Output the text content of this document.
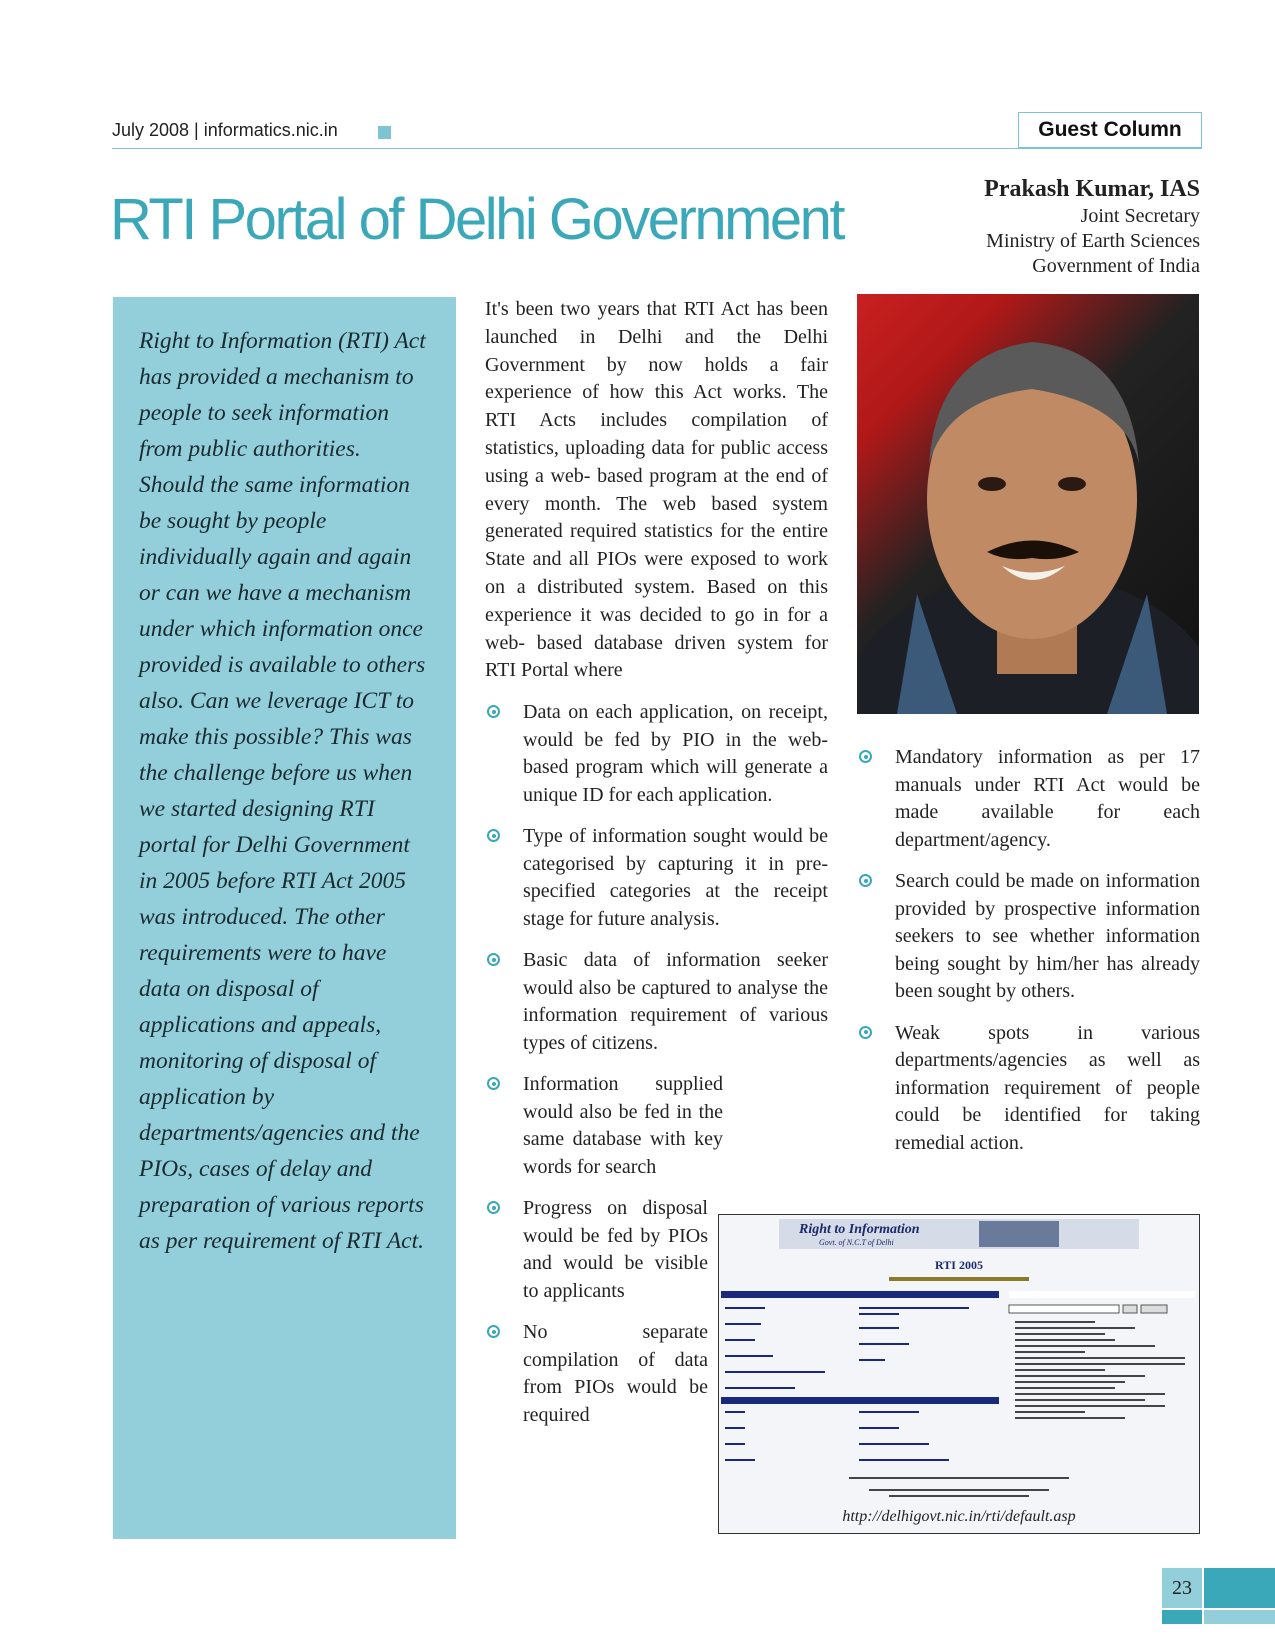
July 2008 | informatics.nic.in	Guest Column
RTI Portal of Delhi Government	Prakash Kumar, IAS
Joint Secretary
Ministry of Earth Sciences
Government of India

Right to Information (RTI) Act has provided a mechanism to people to seek information from public authorities. Should the same information be sought by people individually again and again or can we have a mechanism under which information once provided is available to others also. Can we leverage ICT to make this possible? This was the challenge before us when we started designing RTI portal for Delhi Government in 2005 before RTI Act 2005 was introduced. The other requirements were to have data on disposal of applications and appeals, monitoring of disposal of application by departments/agencies and the PIOs, cases of delay and preparation of various reports as per requirement of RTI Act.

It's been two years that RTI Act has been launched in Delhi and the Delhi Government by now holds a fair experience of how this Act works. The RTI Acts includes compilation of statistics, uploading data for public access using a web- based program at the end of every month. The web based system generated required statistics for the entire State and all PIOs were exposed to work on a distributed system. Based on this experience it was decided to go in for a web- based database driven system for RTI Portal where

Data on each application, on receipt, would be fed by PIO in the web- based program which will generate a unique ID for each application.
Type of information sought would be categorised by capturing it in pre-specified categories at the receipt stage for future analysis.
Basic data of information seeker would also be captured to analyse the information requirement of various types of citizens.
Information supplied would also be fed in the same database with key words for search
Progress on disposal would be fed by PIOs and would be visible to applicants
No separate compilation of data from PIOs would be required
Mandatory information as per 17 manuals under RTI Act would be made available for each department/agency.
Search could be made on information provided by prospective information seekers to see whether information being sought by him/her has already been sought by others.
Weak spots in various departments/agencies as well as information requirement of people could be identified for taking remedial action.
Right to Information
Govt. of N.C.T of Delhi
RTI 2005
http://delhigovt.nic.in/rti/default.asp
23
